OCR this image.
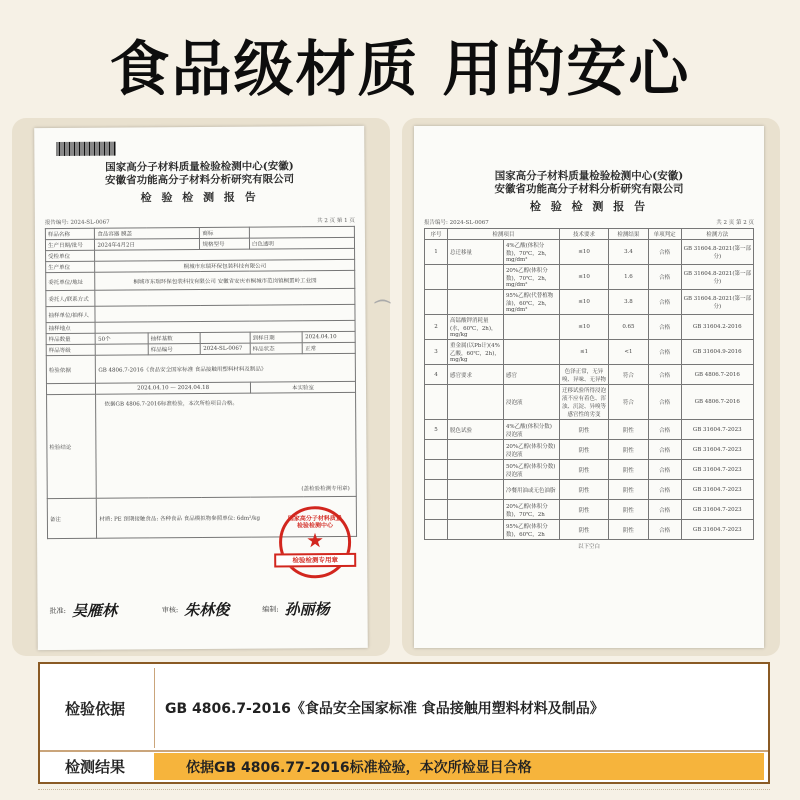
食品级材质 用的安心
国家高分子材料质量检验检测中心(安徽)
安徽省功能高分子材料分析研究有限公司
检 验 检 测 报 告
报告编号: 2024-SL-0067	共 2 页 第 1 页
样品名称	食品容器 膜盖		商标		
生产日期/批号	2024年4月2日		规格型号	白色透明	
受检单位					
生产单位	桐城市东瑞环保包装科技有限公司				
委托单位/地址	桐城市东瑞环保包装科技有限公司 安徽省安庆市桐城市范岗镇桐蛋岭工业园				
委托人/联系方式					
抽样单位/抽样人					
抽样地点					
样品数量	50个	抽样基数		到样日期	2024.04.10
样品等级		样品编号	2024-SL-0067	样品状态	正常
检验依据	GB 4806.7-2016《食品安全国家标准 食品接触用塑料材料及制品》				
	2024.04.10 — 2024.04.18			本实验室	
检验结论	依据GB 4806.7-2016标准检验，本次所检项目合格。
(盖检验检测专用章)				

备注	材质: PE 预期接触食品: 各种食品 食品模拟物参照单位: 6dm²/kg					国家高分子材料质量检验检测中心
★
检验检测专用章
批准: 吴雁林	审核: 朱林俊	编制: 孙丽杨
(
国家高分子材料质量检验检测中心(安徽)
安徽省功能高分子材料分析研究有限公司
检 验 检 测 报 告
报告编号: 2024-SL-0067	共 2 页 第 2 页
序号	检测项目		技术要求	检测结果	单项判定	检测方法
1	总迁移量	4%乙酸(体积分数)，70℃，2h，mg/dm²	≤10	3.4	合格	GB 31604.8-2021(第一部分)
		20%乙醇(体积分数)，70℃，2h，mg/dm²	≤10	1.6	合格	GB 31604.8-2021(第一部分)
		95%乙醇(代替植物油)，60℃，2h，mg/dm²	≤10	3.8	合格	GB 31604.8-2021(第一部分)
2	高锰酸钾消耗量(水，60℃，2h)，mg/kg		≤10	0.65	合格	GB 31604.2-2016
3	重金属(以Pb计)(4%乙酸，60℃，2h)，mg/kg		≤1	<1	合格	GB 31604.9-2016
4	感官要求	感官	色泽正常，无异嗅、异味、无异物	符合	合格	GB 4806.7-2016
		浸泡液	迁移试验所得浸泡液不应有着色、浑浊、沉淀、异嗅等感官性的劣变	符合	合格	GB 4806.7-2016
5	脱色试验	4%乙酸(体积分数)浸泡液	阴性	阴性	合格	GB 31604.7-2023
		20%乙醇(体积分数)浸泡液	阴性	阴性	合格	GB 31604.7-2023
		50%乙醇(体积分数)浸泡液	阴性	阴性	合格	GB 31604.7-2023
		冷餐用油或无色油脂	阴性	阴性	合格	GB 31604.7-2023
		20%乙醇(体积分数)，70℃，2h	阴性	阴性	合格	GB 31604.7-2023
		95%乙醇(体积分数)，60℃，2h	阴性	阴性	合格	GB 31604.7-2023
以下空白
检验依据	GB 4806.7-2016《食品安全国家标准 食品接触用塑料材料及制品》
检测结果	依据GB 4806.77-2016标准检验，本次所检显目合格
